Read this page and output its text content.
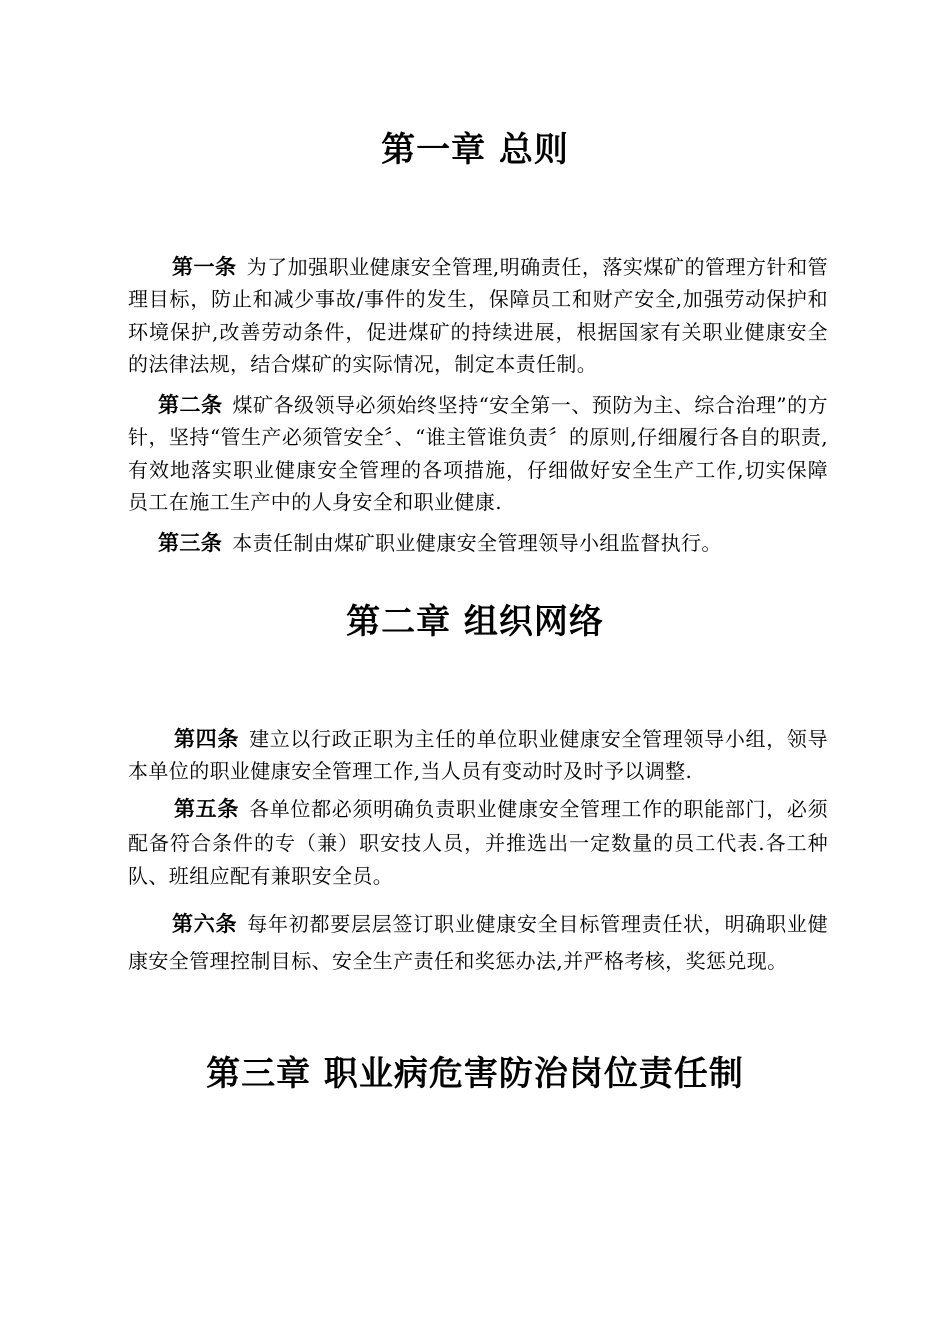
第一章 总则

第一条 为了加强职业健康安全管理,明确责任，落实煤矿的管理方针和管理目标，防止和减少事故/事件的发生，保障员工和财产安全,加强劳动保护和环境保护,改善劳动条件，促进煤矿的持续进展，根据国家有关职业健康安全的法律法规，结合煤矿的实际情况，制定本责任制。

第二条 煤矿各级领导必须始终坚持“安全第一、预防为主、综合治理”的方针，坚持“管生产必须管安全〞、“谁主管谁负责〞的原则,仔细履行各自的职责,有效地落实职业健康安全管理的各项措施，仔细做好安全生产工作,切实保障员工在施工生产中的人身安全和职业健康.

第三条 本责任制由煤矿职业健康安全管理领导小组监督执行。

第二章 组织网络

第四条 建立以行政正职为主任的单位职业健康安全管理领导小组，领导本单位的职业健康安全管理工作,当人员有变动时及时予以调整.

第五条 各单位都必须明确负责职业健康安全管理工作的职能部门，必须配备符合条件的专（兼）职安技人员，并推选出一定数量的员工代表.各工种队、班组应配有兼职安全员。

第六条 每年初都要层层签订职业健康安全目标管理责任状，明确职业健康安全管理控制目标、安全生产责任和奖惩办法,并严格考核，奖惩兑现。

第三章 职业病危害防治岗位责任制
